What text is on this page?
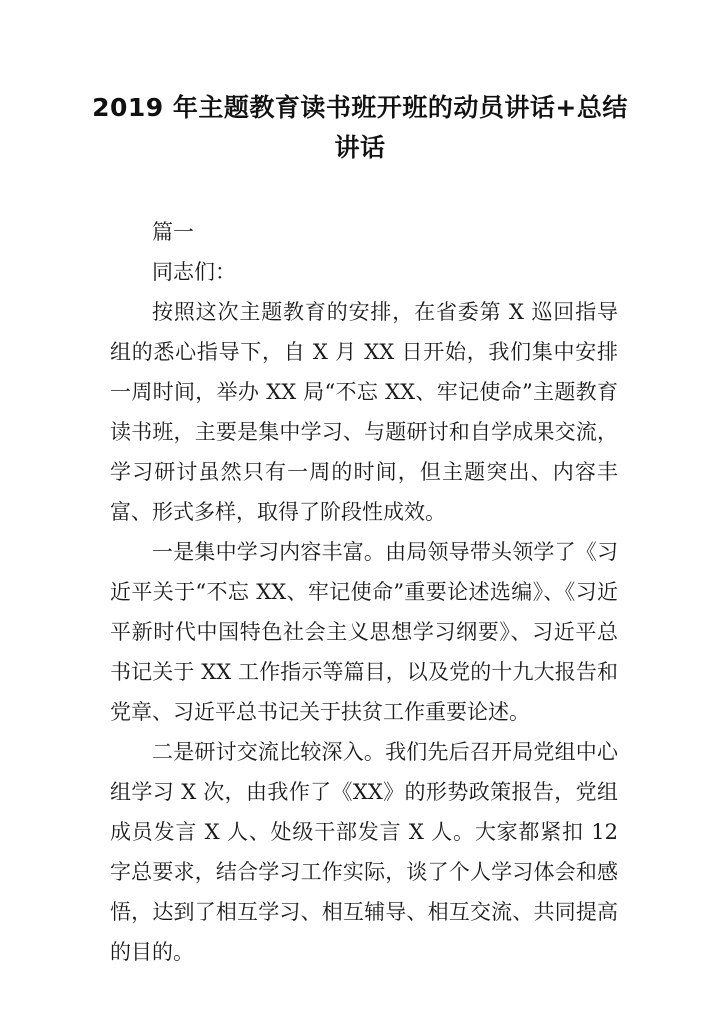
2019 年主题教育读书班开班的动员讲话+总结讲话

篇一

同志们：

按照这次主题教育的安排，在省委第 X 巡回指导组的悉心指导下，自 X 月 XX 日开始，我们集中安排一周时间，举办 XX 局“不忘 XX、牢记使命”主题教育读书班，主要是集中学习、与题研讨和自学成果交流，学习研讨虽然只有一周的时间，但主题突出、内容丰富、形式多样，取得了阶段性成效。

一是集中学习内容丰富。由局领导带头领学了《习近平关于“不忘 XX、牢记使命”重要论述选编》、《习近平新时代中国特色社会主义思想学习纲要》、习近平总书记关于 XX 工作指示等篇目，以及党的十九大报告和党章、习近平总书记关于扶贫工作重要论述。

二是研讨交流比较深入。我们先后召开局党组中心组学习 X 次，由我作了《XX》的形势政策报告，党组成员发言 X 人、处级干部发言 X 人。大家都紧扣 12 字总要求，结合学习工作实际，谈了个人学习体会和感悟，达到了相互学习、相互辅导、相互交流、共同提高的目的。
